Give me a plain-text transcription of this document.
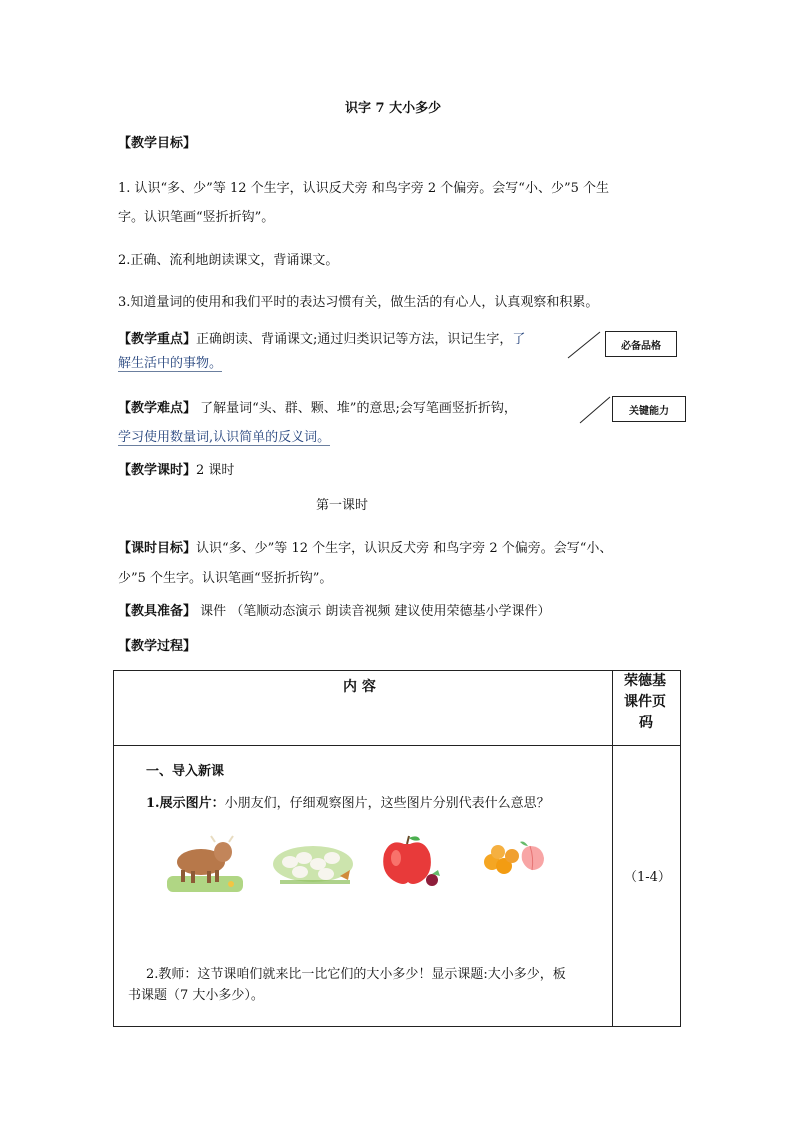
识字 7 大小多少
【教学目标】
1. 认识“多、少”等 12 个生字，认识反犬旁 和鸟字旁 2 个偏旁。会写“小、少”5 个生
字。认识笔画“竖折折钩”。
2.正确、流利地朗读课文，背诵课文。
3.知道量词的使用和我们平时的表达习惯有关，做生活的有心人，认真观察和积累。
【教学重点】正确朗读、背诵课文;通过归类识记等方法，识记生字，了
解生活中的事物。
必备品格
【教学难点】 了解量词“头、群、颗、堆”的意思;会写笔画竖折折钩，
学习使用数量词,认识简单的反义词。
关键能力
【教学课时】2 课时
第一课时
【课时目标】认识“多、少”等 12 个生字，认识反犬旁 和鸟字旁 2 个偏旁。会写“小、
少”5 个生字。认识笔画“竖折折钩”。
【教具准备】 课件 （笔顺动态演示 朗读音视频 建议使用荣德基小学课件）
【教学过程】
内 容	荣德基
课件页
码
一、导入新课
1.展示图片：小朋友们，仔细观察图片，这些图片分别代表什么意思？
（1-4）
2.教师：这节课咱们就来比一比它们的大小多少！显示课题:大小多少，板
书课题（7 大小多少）。
